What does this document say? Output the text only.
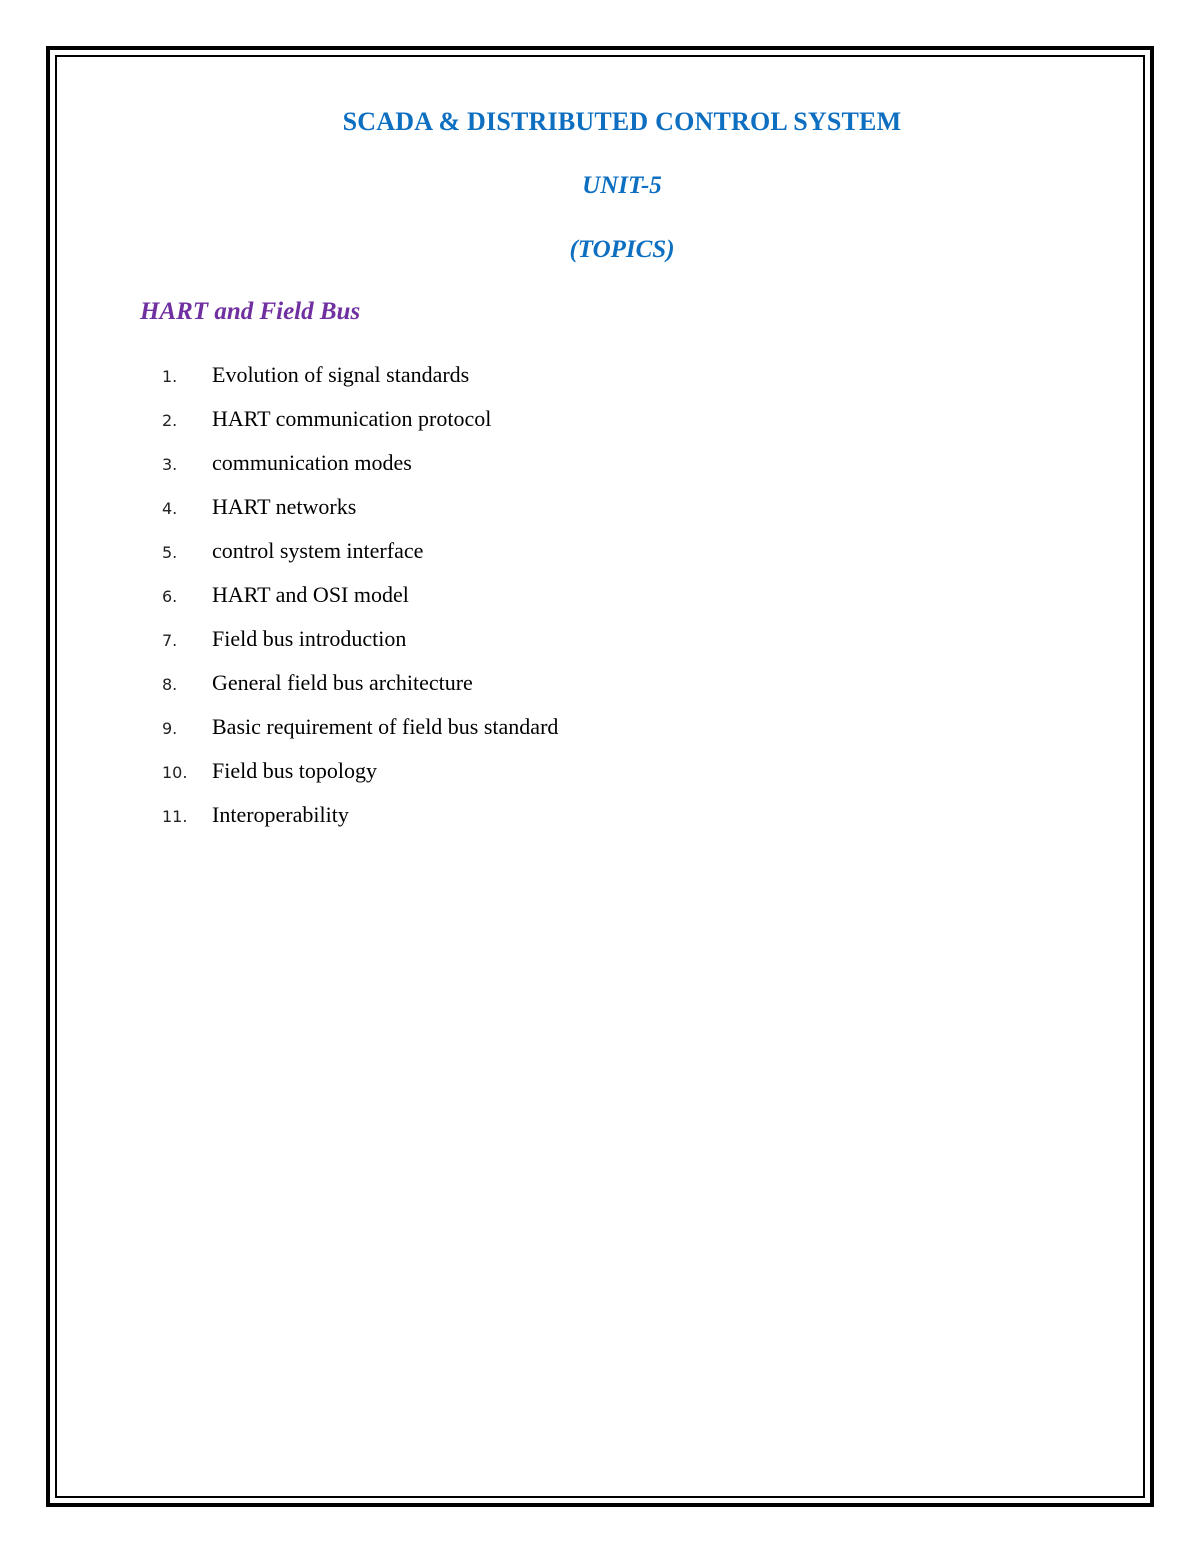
SCADA & DISTRIBUTED CONTROL SYSTEM
UNIT-5
(TOPICS)
HART and Field Bus
1.	Evolution of signal standards
2.	HART communication protocol
3.	communication modes
4.	HART networks
5.	control system interface
6.	HART and OSI model
7.	Field bus introduction
8.	General field bus architecture
9.	Basic requirement of field bus standard
10. Field bus topology
11. Interoperability
